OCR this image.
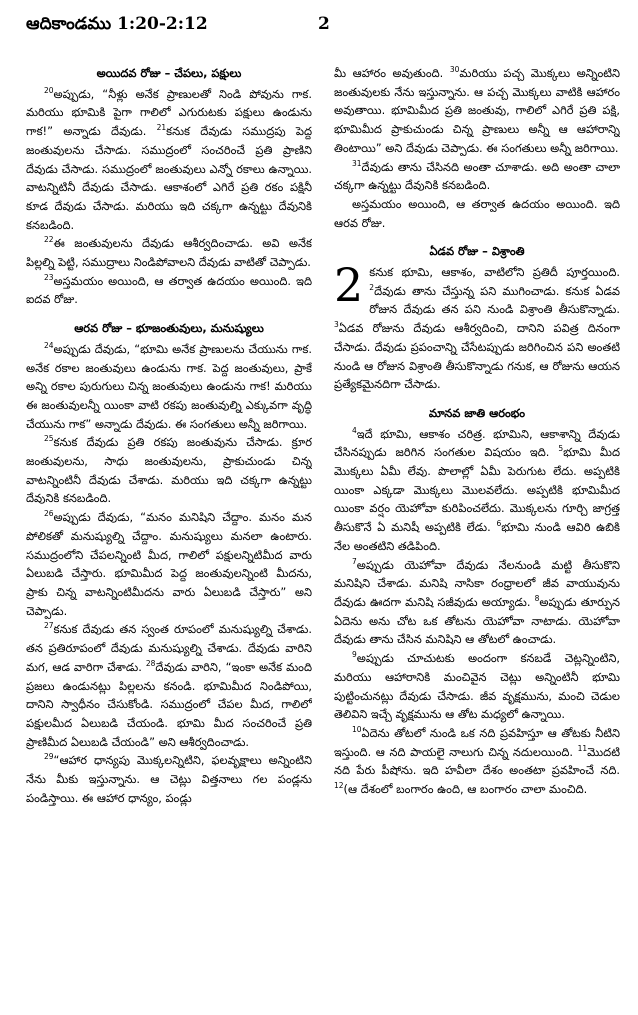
ఆదికాండము 1:20-2:12	2
అయిదవ రోజు – చేపలు, పక్షులు

$^{20}$అప్పుడు, “నీళ్లు అనేక ప్రాణులతో నిండి పోవును గాక. మరియు భూమికి పైగా గాలిలో ఎగురుటకు పక్షులు ఉండును గాక!” అన్నాడు దేవుడు. $^{21}$కనుక దేవుడు సముద్రపు పెద్ద జంతువులను చేసాడు. సముద్రంలో సంచరించే ప్రతి ప్రాణిని దేవుడు చేసాడు. సముద్రంలో జంతువులు ఎన్నో రకాలు ఉన్నాయి. వాటన్నిటినీ దేవుడు చేసాడు. ఆకాశంలో ఎగిరే ప్రతి రకం పక్షినీ కూడ దేవుడు చేసాడు. మరియు ఇది చక్కగా ఉన్నట్టు దేవునికి కనబడింది.

$^{22}$ఈ జంతువులను దేవుడు ఆశీర్వదించాడు. అవి అనేక పిల్లల్ని పెట్టి, సముద్రాలు నిండిపోవాలని దేవుడు వాటితో చెప్పాడు.

$^{23}$అస్తమయం అయింది, ఆ తర్వాత ఉదయం అయింది. ఇది ఐదవ రోజు.

ఆరవ రోజు – భూజంతువులు, మనుష్యులు

$^{24}$అప్పుడు దేవుడు, “భూమి అనేక ప్రాణులను చేయును గాక. అనేక రకాల జంతువులు ఉండును గాక. పెద్ద జంతువులు, ప్రాకే అన్ని రకాల పురుగులు చిన్న జంతువులు ఉండును గాక! మరియు ఈ జంతువులన్నీ యింకా వాటి రకపు జంతువుల్ని ఎక్కువగా వృద్ధి చేయును గాక” అన్నాడు దేవుడు. ఈ సంగతులు అన్నీ జరిగాయి.

$^{25}$కనుక దేవుడు ప్రతి రకపు జంతువును చేసాడు. క్రూర జంతువులను, సాధు జంతువులను, ప్రాకుచుండు చిన్న వాటన్నింటినీ దేవుడు చేశాడు. మరియు ఇది చక్కగా ఉన్నట్టు దేవునికి కనబడింది.

$^{26}$అప్పుడు దేవుడు, “మనం మనిషిని చేద్దాం. మనం మన పోలికతో మనుష్యుల్ని చేద్దాం. మనుష్యులు మనలా ఉంటారు. సముద్రంలోని చేపలన్నింటి మీద, గాలిలో పక్షులన్నిటిమీద వారు ఏలుబడి చేస్తారు. భూమిమీద పెద్ద జంతువులన్నింటి మీదను, ప్రాకు చిన్న వాటన్నింటిమీదను వారు ఏలుబడి చేస్తారు” అని చెప్పాడు.

$^{27}$కనుక దేవుడు తన స్వంత రూపంలో మనుష్యుల్ని చేశాడు. తన ప్రతిరూపంలో దేవుడు మనుష్యుల్ని చేశాడు. దేవుడు వారిని మగ, ఆడ వారిగా చేశాడు. $^{28}$దేవుడు వారిని, “ఇంకా అనేక మంది ప్రజలు ఉండునట్లు పిల్లలను కనండి. భూమిమీద నిండిపోయి, దానిని స్వాధీనం చేసుకోండి. సముద్రంలో చేపల మీద, గాలిలో పక్షులమీద ఏలుబడి చేయండి. భూమి మీద సంచరించే ప్రతి ప్రాణిమీద ఏలుబడి చేయండి” అని ఆశీర్వదించాడు.

$^{29}$“ఆహార ధాన్యపు మొక్కలన్నిటిని, ఫలవృక్షాలు అన్నింటిని నేను మీకు ఇస్తున్నాను. ఆ చెట్లు విత్తనాలు గల పండ్లను పండిస్తాయి. ఈ ఆహార ధాన్యం, పండ్లు

మీ ఆహారం అవుతుంది. $^{30}$మరియు పచ్చ మొక్కలు అన్నింటిని జంతువులకు నేను ఇస్తున్నాను. ఆ పచ్చ మొక్కలు వాటికి ఆహారం అవుతాయి. భూమిమీద ప్రతి జంతువు, గాలిలో ఎగిరే ప్రతి పక్షి, భూమిమీద ప్రాకుచుండు చిన్న ప్రాణులు అన్నీ ఆ ఆహారాన్ని తింటాయి” అని దేవుడు చెప్పాడు. ఈ సంగతులు అన్నీ జరిగాయి.

$^{31}$దేవుడు తాను చేసినది అంతా చూశాడు. అది అంతా చాలా చక్కగా ఉన్నట్టు దేవునికి కనబడింది.

అస్తమయం అయింది, ఆ తర్వాత ఉదయం అయింది. ఇది ఆరవ రోజు.

ఏడవ రోజు – విశ్రాంతి
2 కనుక భూమి, ఆకాశం, వాటిలోని ప్రతిదీ పూర్తయింది. $^2$దేవుడు తాను చేస్తున్న పని ముగించాడు. కనుక ఏడవ రోజున దేవుడు తన పని నుండి విశ్రాంతి తీసుకొన్నాడు. $^3$ఏడవ రోజును దేవుడు ఆశీర్వదించి, దానిని పవిత్ర దినంగా చేసాడు. దేవుడు ప్రపంచాన్ని చేసేటప్పుడు జరిగించిన పని అంతటి నుండి ఆ రోజున విశ్రాంతి తీసుకొన్నాడు గనుక, ఆ రోజును ఆయన ప్రత్యేకమైనదిగా చేసాడు.

మానవ జాతి ఆరంభం

$^4$ఇదే భూమి, ఆకాశం చరిత్ర. భూమిని, ఆకాశాన్ని దేవుడు చేసినప్పుడు జరిగిన సంగతుల విషయం ఇది. $^5$భూమి మీద మొక్కలు ఏమీ లేవు. పొలాల్లో ఏమీ పెరుగుట లేదు. అప్పటికి యింకా ఎక్కడా మొక్కలు మొలవలేదు. అప్పటికి భూమిమీద యింకా వర్షం యెహోవా కురిపించలేదు. మొక్కలను గూర్చి జాగ్రత్త తీసుకొనే ఏ మనిషీ అప్పటికి లేడు. $^6$భూమి నుండి ఆవిరి ఉబికి నేల అంతటిని తడిపింది.

$^7$అప్పుడు యెహోవా దేవుడు నేలనుండి మట్టి తీసుకొని మనిషిని చేశాడు. మనిషి నాసికా రంధ్రాలలో జీవ వాయువును దేవుడు ఊదగా మనిషి సజీవుడు అయ్యాడు. $^8$అప్పుడు తూర్పున ఏదెను అను చోట ఒక తోటను యెహోవా నాటాడు. యెహోవా దేవుడు తాను చేసిన మనిషిని ఆ తోటలో ఉంచాడు.

$^9$అప్పుడు చూచుటకు అందంగా కనబడే చెట్లన్నింటిని, మరియు ఆహారానికి మంచివైన చెట్లు అన్నింటినీ భూమి పుట్టించునట్లు దేవుడు చేసాడు. జీవ వృక్షమును, మంచి చెడుల తెలివిని ఇచ్చే వృక్షమును ఆ తోట మధ్యలో ఉన్నాయి.

$^{10}$ఏదెను తోటలో నుండి ఒక నది ప్రవహిస్తూ ఆ తోటకు నీటిని ఇస్తుంది. ఆ నది పాయలై నాలుగు చిన్న నదులయింది. $^{11}$మొదటి నది పేరు పీషోను. ఇది హవీలా దేశం అంతటా ప్రవహించే నది. $^{12}$(ఆ దేశంలో బంగారం ఉంది, ఆ బంగారం చాలా మంచిది.
